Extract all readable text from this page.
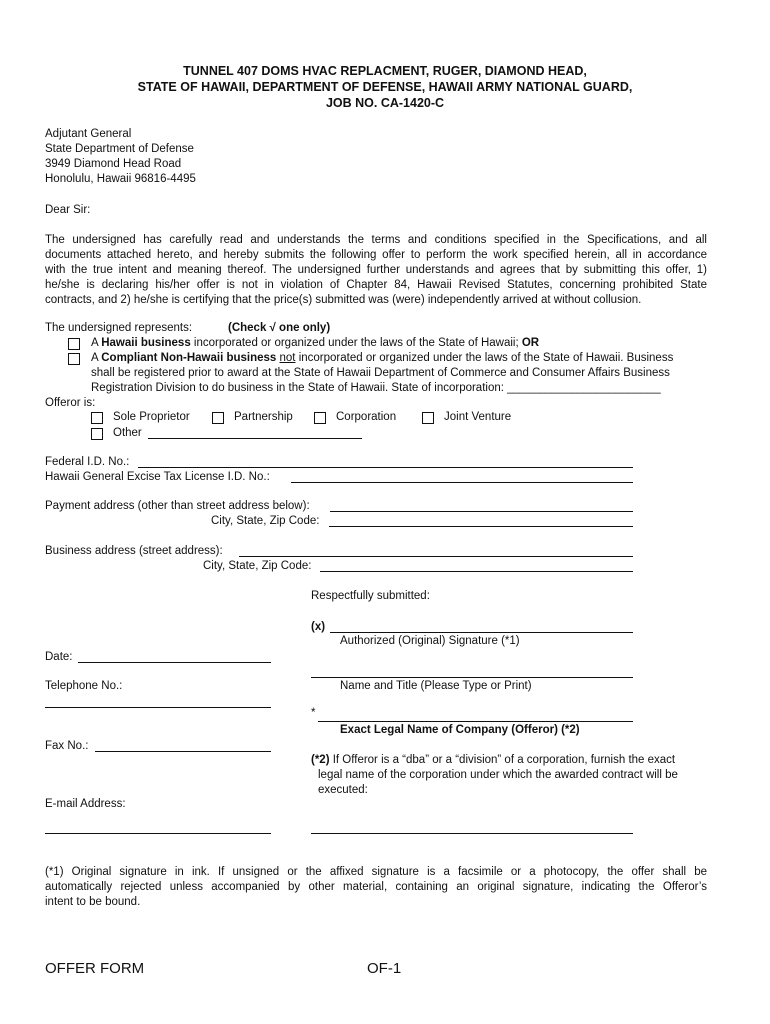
TUNNEL 407 DOMS HVAC REPLACMENT, RUGER, DIAMOND HEAD,
STATE OF HAWAII, DEPARTMENT OF DEFENSE, HAWAII ARMY NATIONAL GUARD,
JOB NO. CA-1420-C
Adjutant General
State Department of Defense
3949 Diamond Head Road
Honolulu, Hawaii 96816-4495
Dear Sir:
The undersigned has carefully read and understands the terms and conditions specified in the Specifications, and all
documents attached hereto, and hereby submits the following offer to perform the work specified herein, all in accordance
with the true intent and meaning thereof. The undersigned further understands and agrees that by submitting this offer, 1)
he/she is declaring his/her offer is not in violation of Chapter 84, Hawaii Revised Statutes, concerning prohibited State
contracts, and 2) he/she is certifying that the price(s) submitted was (were) independently arrived at without collusion.
The undersigned represents:	(Check √ one only)
A Hawaii business incorporated or organized under the laws of the State of Hawaii; OR
A Compliant Non-Hawaii business not incorporated or organized under the laws of the State of Hawaii. Business
shall be registered prior to award at the State of Hawaii Department of Commerce and Consumer Affairs Business
Registration Division to do business in the State of Hawaii. State of incorporation: ________________________
Offeror is:
Sole Proprietor	Partnership	Corporation	Joint Venture
Other
Federal I.D. No.:
Hawaii General Excise Tax License I.D. No.:
Payment address (other than street address below):
City, State, Zip Code:
Business address (street address):
City, State, Zip Code:
Respectfully submitted:
(x)
Authorized (Original) Signature (*1)
Name and Title (Please Type or Print)
*
Exact Legal Name of Company (Offeror) (*2)
(*2) If Offeror is a “dba” or a “division” of a corporation, furnish the exact
legal name of the corporation under which the awarded contract will be
executed:
Date:
Telephone No.:
Fax No.:
E-mail Address:
(*1) Original signature in ink. If unsigned or the affixed signature is a facsimile or a photocopy, the offer shall be
automatically rejected unless accompanied by other material, containing an original signature, indicating the Offeror’s
intent to be bound.
OFFER FORM	OF-1
